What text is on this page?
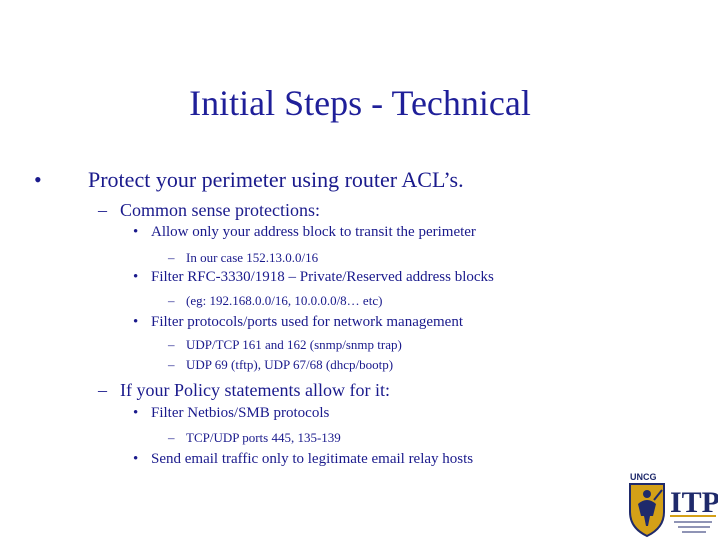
Initial Steps - Technical
• Protect your perimeter using router ACL’s.
– Common sense protections:
• Allow only your address block to transit the perimeter
– In our case 152.13.0.0/16
• Filter RFC-3330/1918 – Private/Reserved address blocks
– (eg: 192.168.0.0/16, 10.0.0.0/8… etc)
• Filter protocols/ports used for network management
– UDP/TCP 161 and 162 (snmp/snmp trap)
– UDP 69 (tftp), UDP 67/68 (dhcp/bootp)
– If your Policy statements allow for it:
• Filter Netbios/SMB protocols
– TCP/UDP ports 445, 135-139
• Send email traffic only to legitimate email relay hosts
UNCG
ITP
